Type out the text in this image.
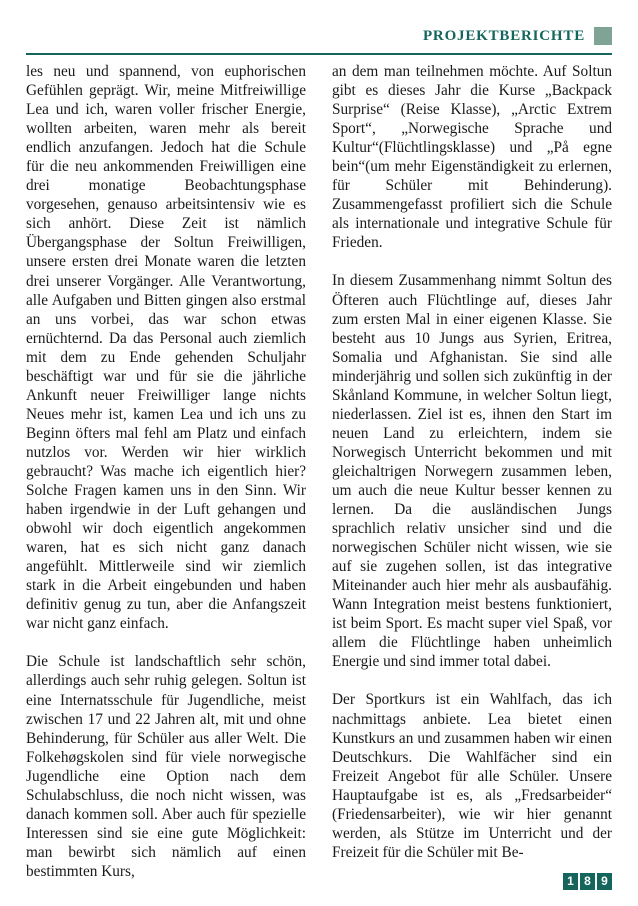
PROJEKTBERICHTE

les neu und spannend, von euphorischen Gefühlen geprägt. Wir, meine Mitfreiwillige Lea und ich, waren voller frischer Energie, wollten arbeiten, waren mehr als bereit endlich anzufangen. Jedoch hat die Schule für die neu ankommenden Freiwilligen eine drei monatige Beobachtungsphase vorgesehen, genauso arbeitsintensiv wie es sich anhört. Diese Zeit ist nämlich Übergangsphase der Soltun Freiwilligen, unsere ersten drei Monate waren die letzten drei unserer Vorgänger. Alle Verantwortung, alle Aufgaben und Bitten gingen also erstmal an uns vorbei, das war schon etwas ernüchternd. Da das Personal auch ziemlich mit dem zu Ende gehenden Schuljahr beschäftigt war und für sie die jährliche Ankunft neuer Freiwilliger lange nichts Neues mehr ist, kamen Lea und ich uns zu Beginn öfters mal fehl am Platz und einfach nutzlos vor. Werden wir hier wirklich gebraucht? Was mache ich eigentlich hier? Solche Fragen kamen uns in den Sinn. Wir haben irgendwie in der Luft gehangen und obwohl wir doch eigentlich angekommen waren, hat es sich nicht ganz danach angefühlt. Mittlerweile sind wir ziemlich stark in die Arbeit eingebunden und haben definitiv genug zu tun, aber die Anfangszeit war nicht ganz einfach.

Die Schule ist landschaftlich sehr schön, allerdings auch sehr ruhig gelegen. Soltun ist eine Internatsschule für Jugendliche, meist zwischen 17 und 22 Jahren alt, mit und ohne Behinderung, für Schüler aus aller Welt. Die Folkehøgskolen sind für viele norwegische Jugendliche eine Option nach dem Schulabschluss, die noch nicht wissen, was danach kommen soll. Aber auch für spezielle Interessen sind sie eine gute Möglichkeit: man bewirbt sich nämlich auf einen bestimmten Kurs,

an dem man teilnehmen möchte. Auf Soltun gibt es dieses Jahr die Kurse „Backpack Surprise“ (Reise Klasse), „Arctic Extrem Sport“, „Norwegische Sprache und Kultur“(Flüchtlingsklasse) und „På egne bein“(um mehr Eigenständigkeit zu erlernen, für Schüler mit Behinderung). Zusammengefasst profiliert sich die Schule als internationale und integrative Schule für Frieden.

In diesem Zusammenhang nimmt Soltun des Öfteren auch Flüchtlinge auf, dieses Jahr zum ersten Mal in einer eigenen Klasse. Sie besteht aus 10 Jungs aus Syrien, Eritrea, Somalia und Afghanistan. Sie sind alle minderjährig und sollen sich zukünftig in der Skånland Kommune, in welcher Soltun liegt, niederlassen. Ziel ist es, ihnen den Start im neuen Land zu erleichtern, indem sie Norwegisch Unterricht bekommen und mit gleichaltrigen Norwegern zusammen leben, um auch die neue Kultur besser kennen zu lernen. Da die ausländischen Jungs sprachlich relativ unsicher sind und die norwegischen Schüler nicht wissen, wie sie auf sie zugehen sollen, ist das integrative Miteinander auch hier mehr als ausbaufähig. Wann Integration meist bestens funktioniert, ist beim Sport. Es macht super viel Spaß, vor allem die Flüchtlinge haben unheimlich Energie und sind immer total dabei.

Der Sportkurs ist ein Wahlfach, das ich nachmittags anbiete. Lea bietet einen Kunstkurs an und zusammen haben wir einen Deutschkurs. Die Wahlfächer sind ein Freizeit Angebot für alle Schüler. Unsere Hauptaufgabe ist es, als „Fredsarbeider“ (Friedensarbeiter), wie wir hier genannt werden, als Stütze im Unterricht und der Freizeit für die Schüler mit Be-

1 8 9
